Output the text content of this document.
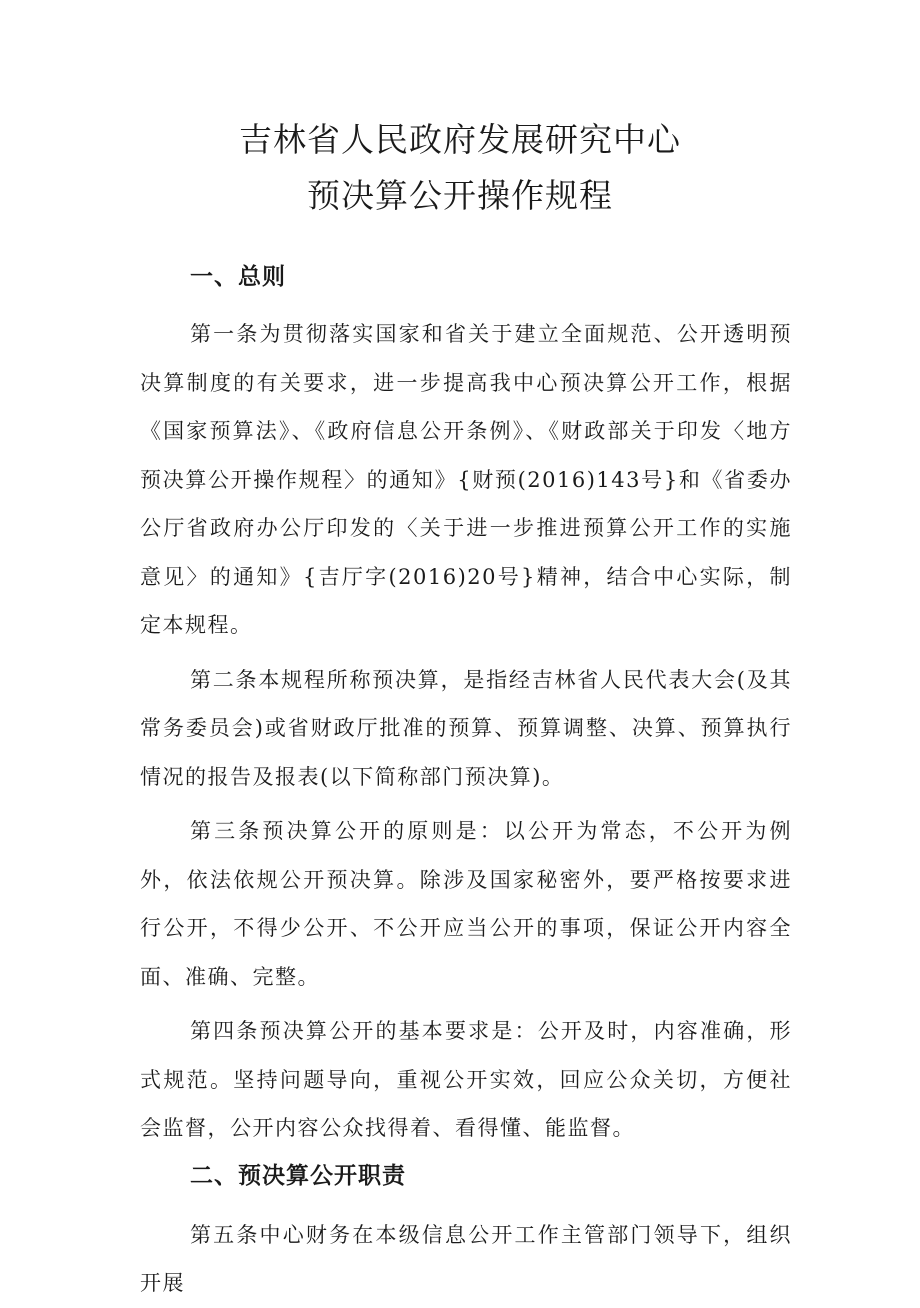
吉林省人民政府发展研究中心
预决算公开操作规程
一、总则

第一条为贯彻落实国家和省关于建立全面规范、公开透明预决算制度的有关要求，进一步提高我中心预决算公开工作，根据《国家预算法》、《政府信息公开条例》、《财政部关于印发〈地方预决算公开操作规程〉的通知》{财预(2016)143号}和《省委办公厅省政府办公厅印发的〈关于进一步推进预算公开工作的实施意见〉的通知》{吉厅字(2016)20号}精神，结合中心实际，制定本规程。

第二条本规程所称预决算，是指经吉林省人民代表大会(及其常务委员会)或省财政厅批准的预算、预算调整、决算、预算执行情况的报告及报表(以下简称部门预决算)。

第三条预决算公开的原则是：以公开为常态，不公开为例外，依法依规公开预决算。除涉及国家秘密外，要严格按要求进行公开，不得少公开、不公开应当公开的事项，保证公开内容全面、准确、完整。

第四条预决算公开的基本要求是：公开及时，内容准确，形式规范。坚持问题导向，重视公开实效，回应公众关切，方便社会监督，公开内容公众找得着、看得懂、能监督。

二、预决算公开职责

第五条中心财务在本级信息公开工作主管部门领导下，组织开展
